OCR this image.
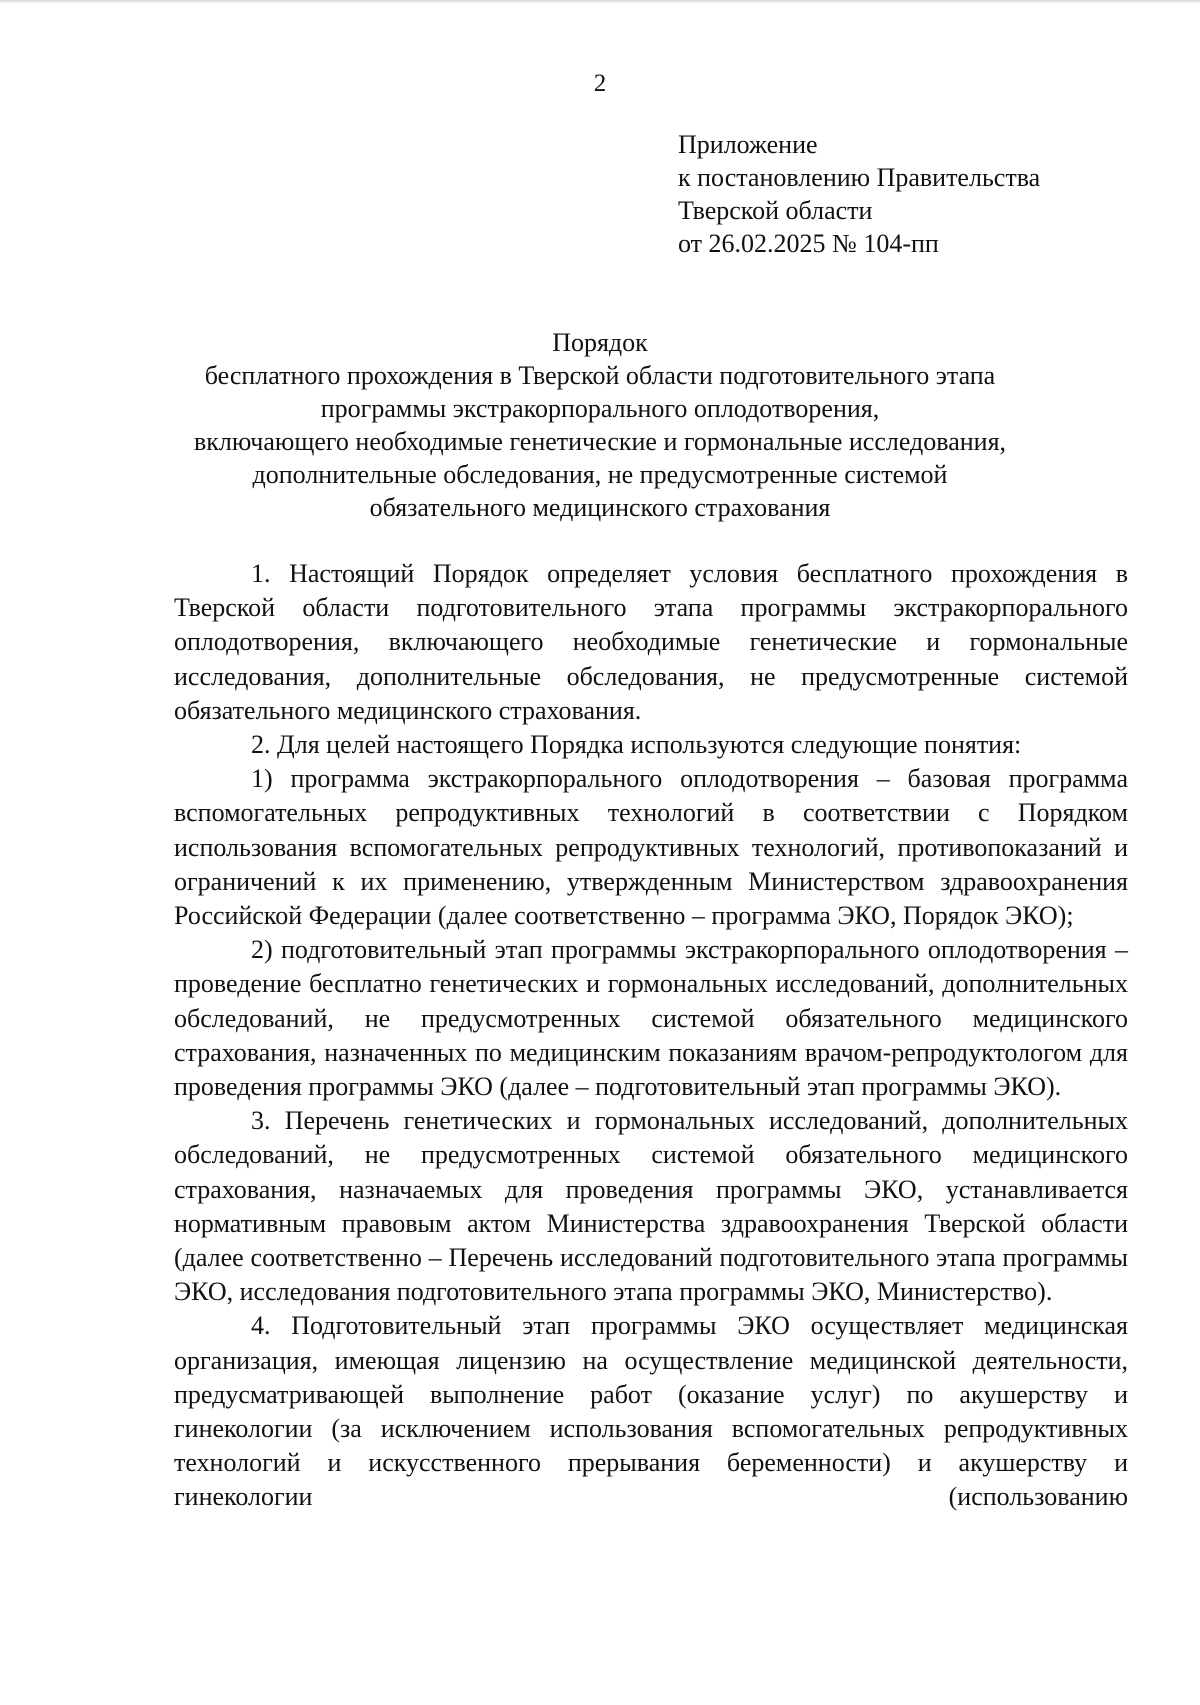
2
Приложение
к постановлению Правительства
Тверской области
от 26.02.2025 № 104-пп
Порядок
бесплатного прохождения в Тверской области подготовительного этапа
программы экстракорпорального оплодотворения,
включающего необходимые генетические и гормональные исследования,
дополнительные обследования, не предусмотренные системой
обязательного медицинского страхования

1. Настоящий Порядок определяет условия бесплатного прохождения в Тверской области подготовительного этапа программы экстракорпорального оплодотворения, включающего необходимые генетические и гормональные исследования, дополнительные обследования, не предусмотренные системой обязательного медицинского страхования.

2. Для целей настоящего Порядка используются следующие понятия:

1) программа экстракорпорального оплодотворения – базовая программа вспомогательных репродуктивных технологий в соответствии с Порядком использования вспомогательных репродуктивных технологий, противопоказаний и ограничений к их применению, утвержденным Министерством здравоохранения Российской Федерации (далее соответственно – программа ЭКО, Порядок ЭКО);

2) подготовительный этап программы экстракорпорального оплодотворения – проведение бесплатно генетических и гормональных исследований, дополнительных обследований, не предусмотренных системой обязательного медицинского страхования, назначенных по медицинским показаниям врачом-репродуктологом для проведения программы ЭКО (далее – подготовительный этап программы ЭКО).

3. Перечень генетических и гормональных исследований, дополнительных обследований, не предусмотренных системой обязательного медицинского страхования, назначаемых для проведения программы ЭКО, устанавливается нормативным правовым актом Министерства здравоохранения Тверской области (далее соответственно – Перечень исследований подготовительного этапа программы ЭКО, исследования подготовительного этапа программы ЭКО, Министерство).

4. Подготовительный этап программы ЭКО осуществляет медицинская организация, имеющая лицензию на осуществление медицинской деятельности, предусматривающей выполнение работ (оказание услуг) по акушерству и гинекологии (за исключением использования вспомогательных репродуктивных технологий и искусственного прерывания беременности) и акушерству и гинекологии (использованию
